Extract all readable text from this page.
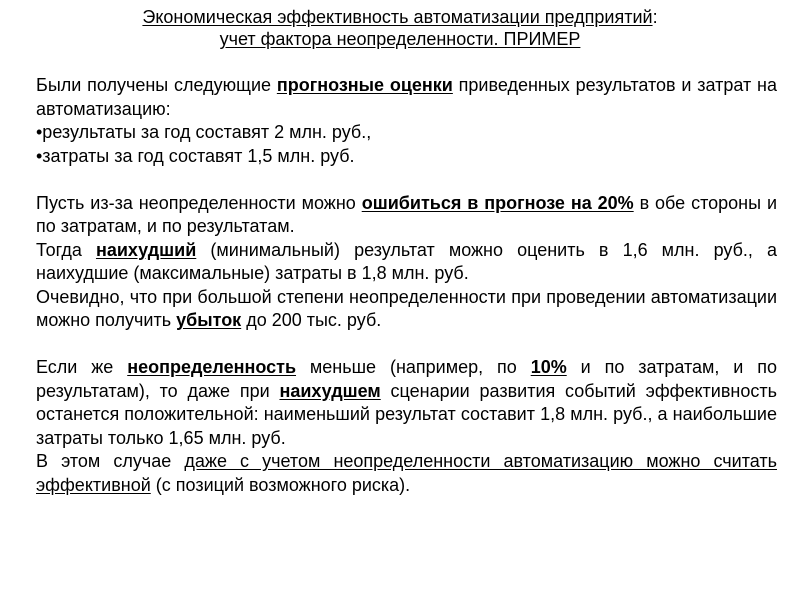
Экономическая эффективность автоматизации предприятий:
учет фактора неопределенности. ПРИМЕР

Были получены следующие прогнозные оценки приведенных результатов и затрат на автоматизацию:

•результаты за год составят 2 млн. руб.,

•затраты за год составят 1,5 млн. руб.

Пусть из-за неопределенности можно ошибиться в прогнозе на 20% в обе стороны и по затратам, и по результатам.

Тогда наихудший (минимальный) результат можно оценить в 1,6 млн. руб., а наихудшие (максимальные) затраты в 1,8 млн. руб.

Очевидно, что при большой степени неопределенности при проведении автоматизации можно получить убыток до 200 тыс. руб.

Если же неопределенность меньше (например, по 10% и по затратам, и по результатам), то даже при наихудшем сценарии развития событий эффективность останется положительной: наименьший результат составит 1,8 млн. руб., а наибольшие затраты только 1,65 млн. руб.

В этом случае даже с учетом неопределенности автоматизацию можно считать эффективной (с позиций возможного риска).
